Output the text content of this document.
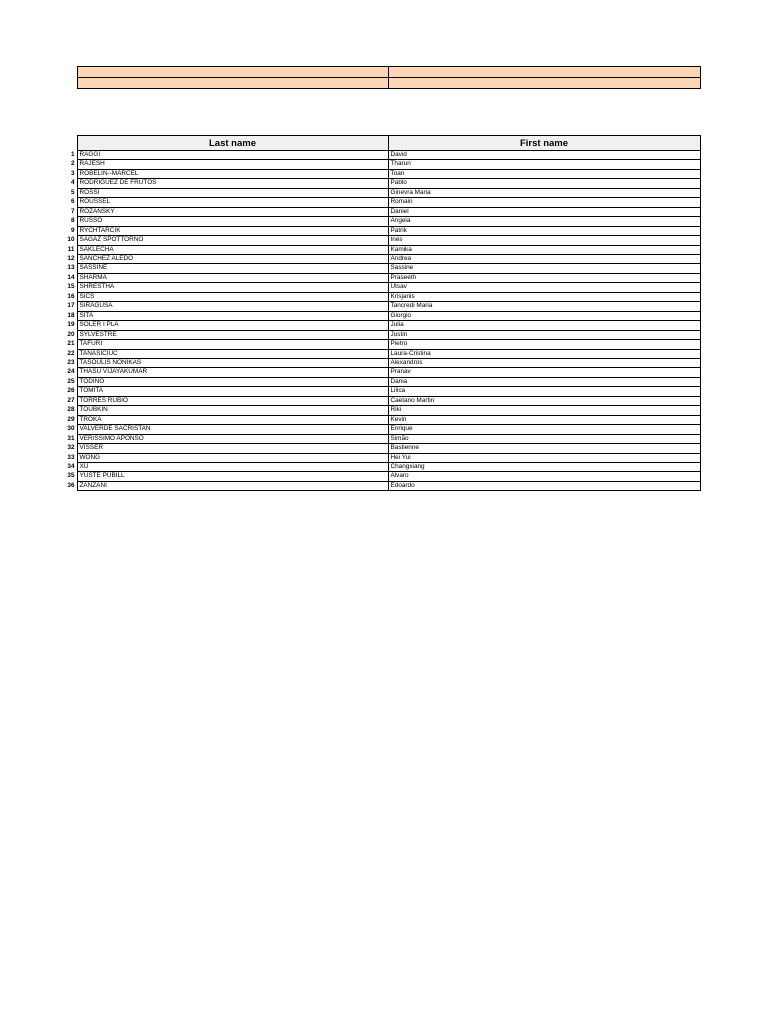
	Last name	First name
1	RAGGI	David
2	RAJESH	Tharun
3	ROBELIN--MARCEL	Toan
4	RODRIGUEZ DE FRUTOS	Pablo
5	ROSSI	Ginevra Maria
6	ROUSSEL	Romain
7	ROZANSKY	Daniel
8	RUSSO	Angela
9	RYCHTARCIK	Patrik
10	SAGAZ SPOTTORNO	Inés
11	SAKLECHA	Kamika
12	SANCHEZ ALEDO	Andrea
13	SASSINE	Sassine
14	SHARMA	Praseeth
15	SHRESTHA	Utsav
16	SICS	Krisjanis
17	SIRAGUSA	Tancredi Maria
18	SITA	Giorgio
19	SOLER I PLA	Julia
20	SYLVESTRE	Justin
21	TAFURI	Pietro
22	TANASICIUC	Laura-Cristina
23	TASOULIS NONIKAS	Alexandros
24	THASU VIJAYAKUMAR	Pranav
25	TODINO	Dania
26	TOMITA	Lilica
27	TORRES RUBIO	Caetano Martin
28	TOUBKIN	Riki
29	TROKA	Kevin
30	VALVERDE SACRISTAN	Enrique
31	VERISSIMO APONSO	Simão
32	VISSER	Bastienne
33	WONG	Hei Yui
34	XU	Changxiang
35	YUSTE PUBILL	Alvaro
36	ZANZANI	Edoardo
